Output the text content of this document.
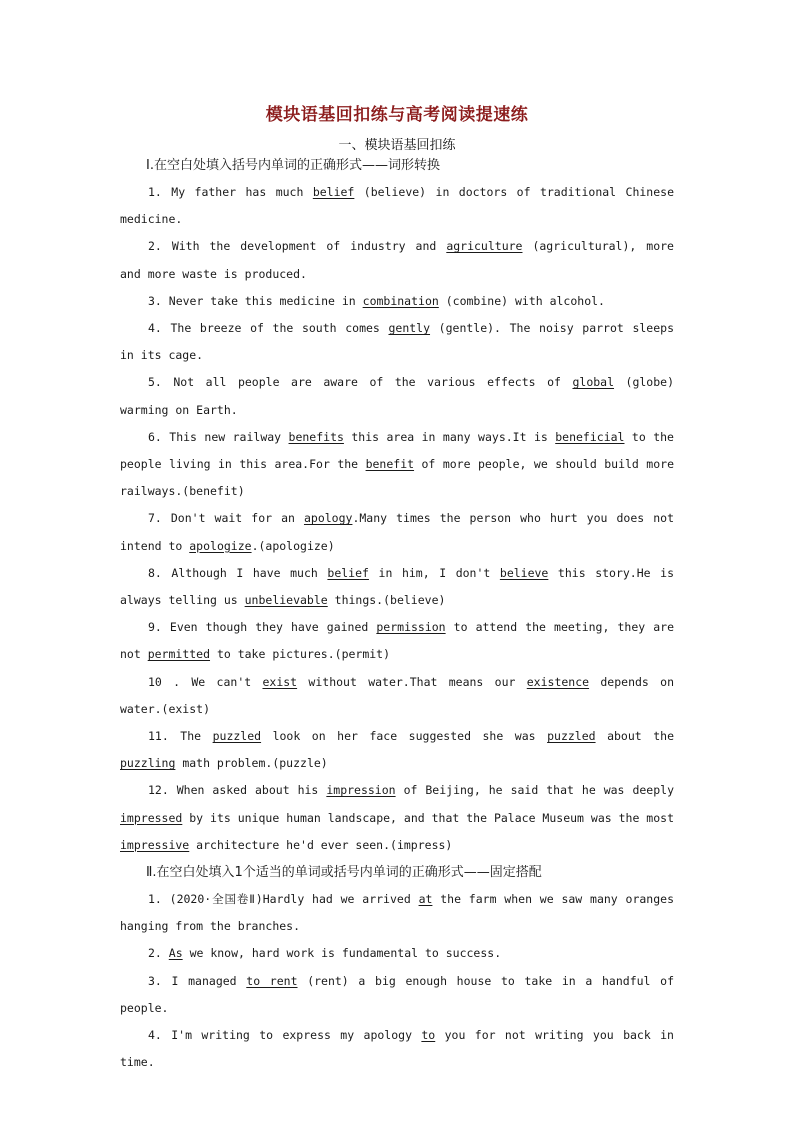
模块语基回扣练与高考阅读提速练
一、模块语基回扣练
Ⅰ.在空白处填入括号内单词的正确形式——词形转换
1. My father has much belief (believe) in doctors of traditional Chinese medicine.
2. With the development of industry and agriculture (agricultural), more and more waste is produced.
3. Never take this medicine in combination (combine) with alcohol.
4. The breeze of the south comes gently (gentle). The noisy parrot sleeps in its cage.
5. Not all people are aware of the various effects of global (globe) warming on Earth.
6. This new railway benefits this area in many ways.It is beneficial to the people living in this area.For the benefit of more people, we should build more railways.(benefit)
7. Don't wait for an apology.Many times the person who hurt you does not intend to apologize.(apologize)
8. Although I have much belief in him, I don't believe this story.He is always telling us unbelievable things.(believe)
9. Even though they have gained permission to attend the meeting, they are not permitted to take pictures.(permit)
10 . We can't exist without water.That means our existence depends on water.(exist)
11. The puzzled look on her face suggested she was puzzled about the puzzling math problem.(puzzle)
12. When asked about his impression of Beijing, he said that he was deeply impressed by its unique human landscape, and that the Palace Museum was the most impressive architecture he'd ever seen.(impress)
Ⅱ.在空白处填入1个适当的单词或括号内单词的正确形式——固定搭配
1. (2020·全国卷Ⅱ)Hardly had we arrived at the farm when we saw many oranges hanging from the branches.
2. As we know, hard work is fundamental to success.
3. I managed to rent (rent) a big enough house to take in a handful of people.
4. I'm writing to express my apology to you for not writing you back in time.
